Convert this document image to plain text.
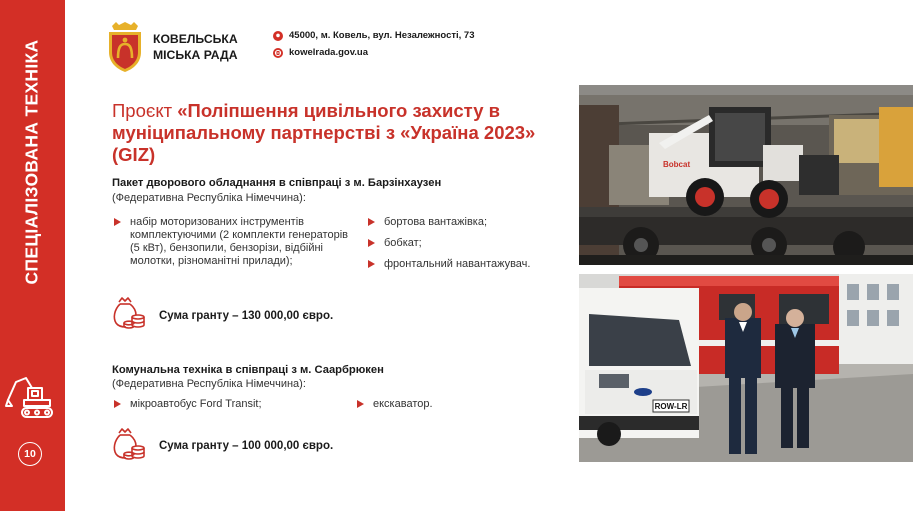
СПЕЦІАЛІЗОВАНА ТЕХНІКА
10
КОВЕЛЬСЬКА
МІСЬКА РАДА
45000, м. Ковель, вул. Незалежності, 73
kowelrada.gov.ua
Проєкт «Поліпшення цивільного захисту в муніципальному партнерстві з «Україна 2023» (GIZ)
Пакет дворового обладнання в співпраці з м. Барзінхаузен
(Федеративна Республіка Німеччина):
набір моторизованих інструментів комплектуючими (2 комплекти генераторів (5 кВт), бензопили, бензорізи, відбійні молотки, різноманітні прилади);
бортова вантажівка;
бобкат;
фронтальний навантажувач.
Сума гранту – 130 000,00 євро.
Комунальна техніка в співпраці з м. Саарбрюкен
(Федеративна Республіка Німеччина):
мікроавтобус Ford Transit;	екскаватор.
Сума гранту – 100 000,00 євро.
Bobcat
ROW-LR
